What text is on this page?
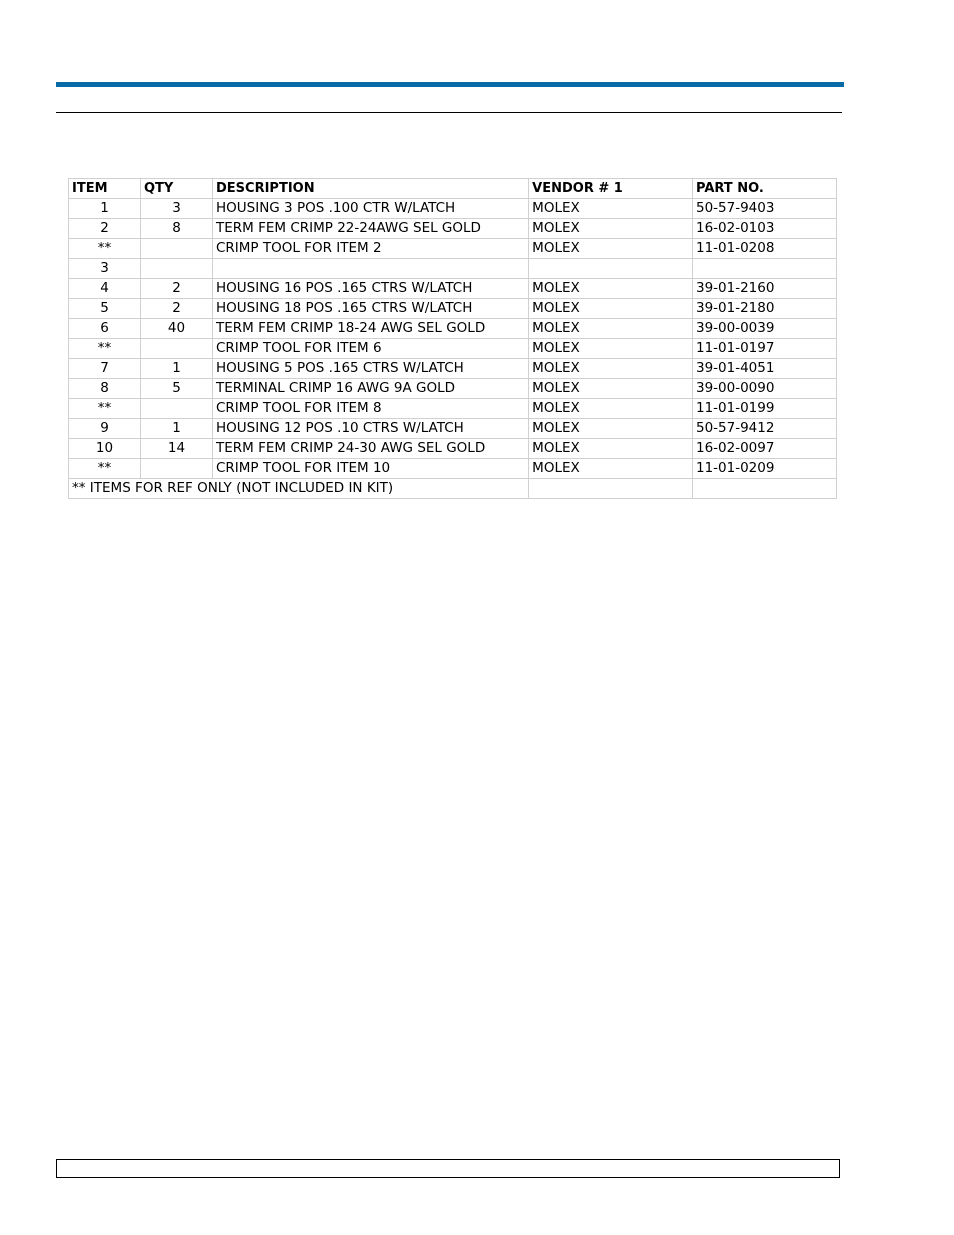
ITEM	QTY	DESCRIPTION	VENDOR # 1	PART NO.
1	3	HOUSING 3 POS .100 CTR W/LATCH	MOLEX	50-57-9403
2	8	TERM FEM CRIMP 22-24AWG SEL GOLD	MOLEX	16-02-0103
**		CRIMP TOOL FOR ITEM 2	MOLEX	11-01-0208
3				
4	2	HOUSING 16 POS .165 CTRS W/LATCH	MOLEX	39-01-2160
5	2	HOUSING 18 POS .165 CTRS W/LATCH	MOLEX	39-01-2180
6	40	TERM FEM CRIMP 18-24 AWG SEL GOLD	MOLEX	39-00-0039
**		CRIMP TOOL FOR ITEM 6	MOLEX	11-01-0197
7	1	HOUSING 5 POS .165 CTRS W/LATCH	MOLEX	39-01-4051
8	5	TERMINAL CRIMP 16 AWG 9A GOLD	MOLEX	39-00-0090
**		CRIMP TOOL FOR ITEM 8	MOLEX	11-01-0199
9	1	HOUSING 12 POS .10 CTRS W/LATCH	MOLEX	50-57-9412
10	14	TERM FEM CRIMP 24-30 AWG SEL GOLD	MOLEX	16-02-0097
**		CRIMP TOOL FOR ITEM 10	MOLEX	11-01-0209
** ITEMS FOR REF ONLY (NOT INCLUDED IN KIT)				
